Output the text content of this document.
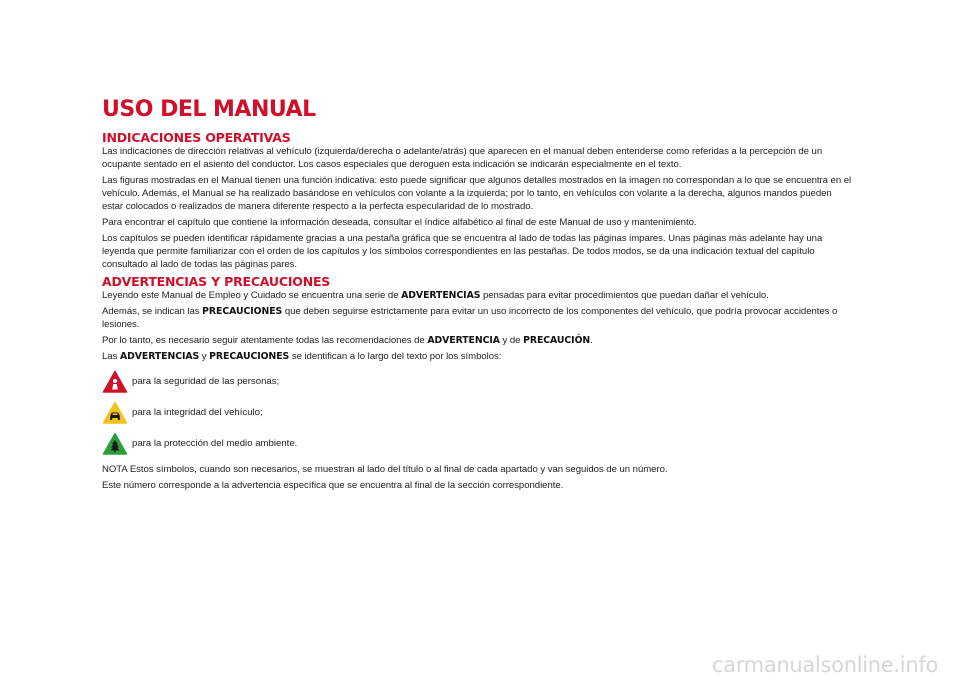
USO DEL MANUAL
INDICACIONES OPERATIVAS

Las indicaciones de dirección relativas al vehículo (izquierda/derecha o adelante/atrás) que aparecen en el manual deben entenderse como referidas a la percepción de un ocupante sentado en el asiento del conductor. Los casos especiales que deroguen esta indicación se indicarán especialmente en el texto.

Las figuras mostradas en el Manual tienen una función indicativa: esto puede significar que algunos detalles mostrados en la imagen no correspondan a lo que se encuentra en el vehículo. Además, el Manual se ha realizado basándose en vehículos con volante a la izquierda; por lo tanto, en vehículos con volante a la derecha, algunos mandos pueden estar colocados o realizados de manera diferente respecto a la perfecta especularidad de lo mostrado.

Para encontrar el capítulo que contiene la información deseada, consultar el índice alfabético al final de este Manual de uso y mantenimiento.

Los capítulos se pueden identificar rápidamente gracias a una pestaña gráfica que se encuentra al lado de todas las páginas impares. Unas páginas más adelante hay una leyenda que permite familiarizar con el orden de los capítulos y los símbolos correspondientes en las pestañas. De todos modos, se da una indicación textual del capítulo consultado al lado de todas las páginas pares.

ADVERTENCIAS Y PRECAUCIONES

Leyendo este Manual de Empleo y Cuidado se encuentra una serie de ADVERTENCIAS pensadas para evitar procedimientos que puedan dañar el vehículo.

Además, se indican las PRECAUCIONES que deben seguirse estrictamente para evitar un uso incorrecto de los componentes del vehículo, que podría provocar accidentes o lesiones.

Por lo tanto, es necesario seguir atentamente todas las recomendaciones de ADVERTENCIA y de PRECAUCIÓN.

Las ADVERTENCIAS y PRECAUCIONES se identifican a lo largo del texto por los símbolos:

para la seguridad de las personas;
para la integridad del vehículo;
para la protección del medio ambiente.

NOTA Estos símbolos, cuando son necesarios, se muestran al lado del título o al final de cada apartado y van seguidos de un número.

Este número corresponde a la advertencia específica que se encuentra al final de la sección correspondiente.

carmanualsonline.info
